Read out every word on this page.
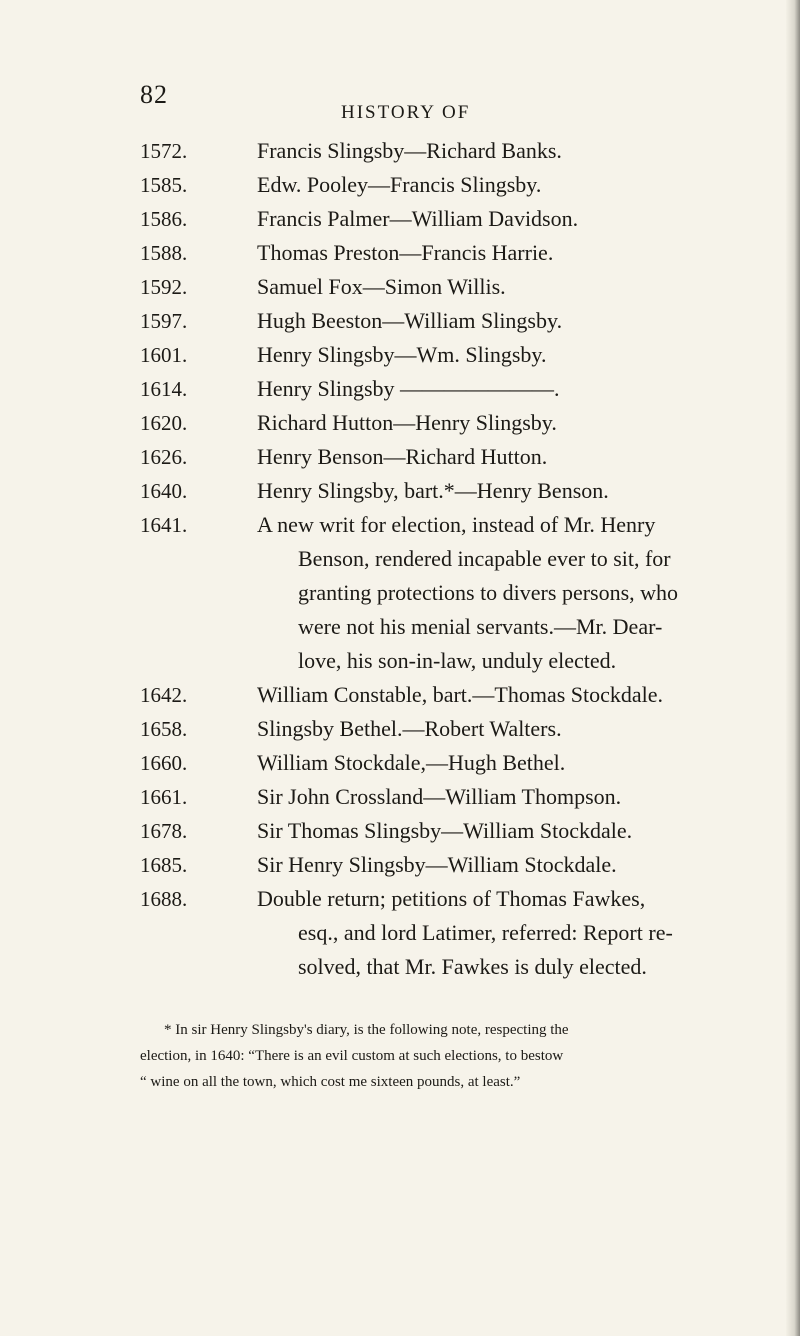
82
HISTORY OF
1572.	Francis Slingsby—Richard Banks.
1585.	Edw. Pooley—Francis Slingsby.
1586.	Francis Palmer—William Davidson.
1588.	Thomas Preston—Francis Harrie.
1592.	Samuel Fox—Simon Willis.
1597.	Hugh Beeston—William Slingsby.
1601.	Henry Slingsby—Wm. Slingsby.
1614.	Henry Slingsby ———————.
1620.	Richard Hutton—Henry Slingsby.
1626.	Henry Benson—Richard Hutton.
1640.	Henry Slingsby, bart.*—Henry Benson.
1641.	A new writ for election, instead of Mr. Henry
Benson, rendered incapable ever to sit, for
granting protections to divers persons, who
were not his menial servants.—Mr. Dear-
love, his son-in-law, unduly elected.
1642.	William Constable, bart.—Thomas Stockdale.
1658.	Slingsby Bethel.—Robert Walters.
1660.	William Stockdale,—Hugh Bethel.
1661.	Sir John Crossland—William Thompson.
1678.	Sir Thomas Slingsby—William Stockdale.
1685.	Sir Henry Slingsby—William Stockdale.
1688.	Double return; petitions of Thomas Fawkes,
esq., and lord Latimer, referred: Report re-
solved, that Mr. Fawkes is duly elected.
* In sir Henry Slingsby's diary, is the following note, respecting the
election, in 1640: “There is an evil custom at such elections, to bestow
“ wine on all the town, which cost me sixteen pounds, at least.”
